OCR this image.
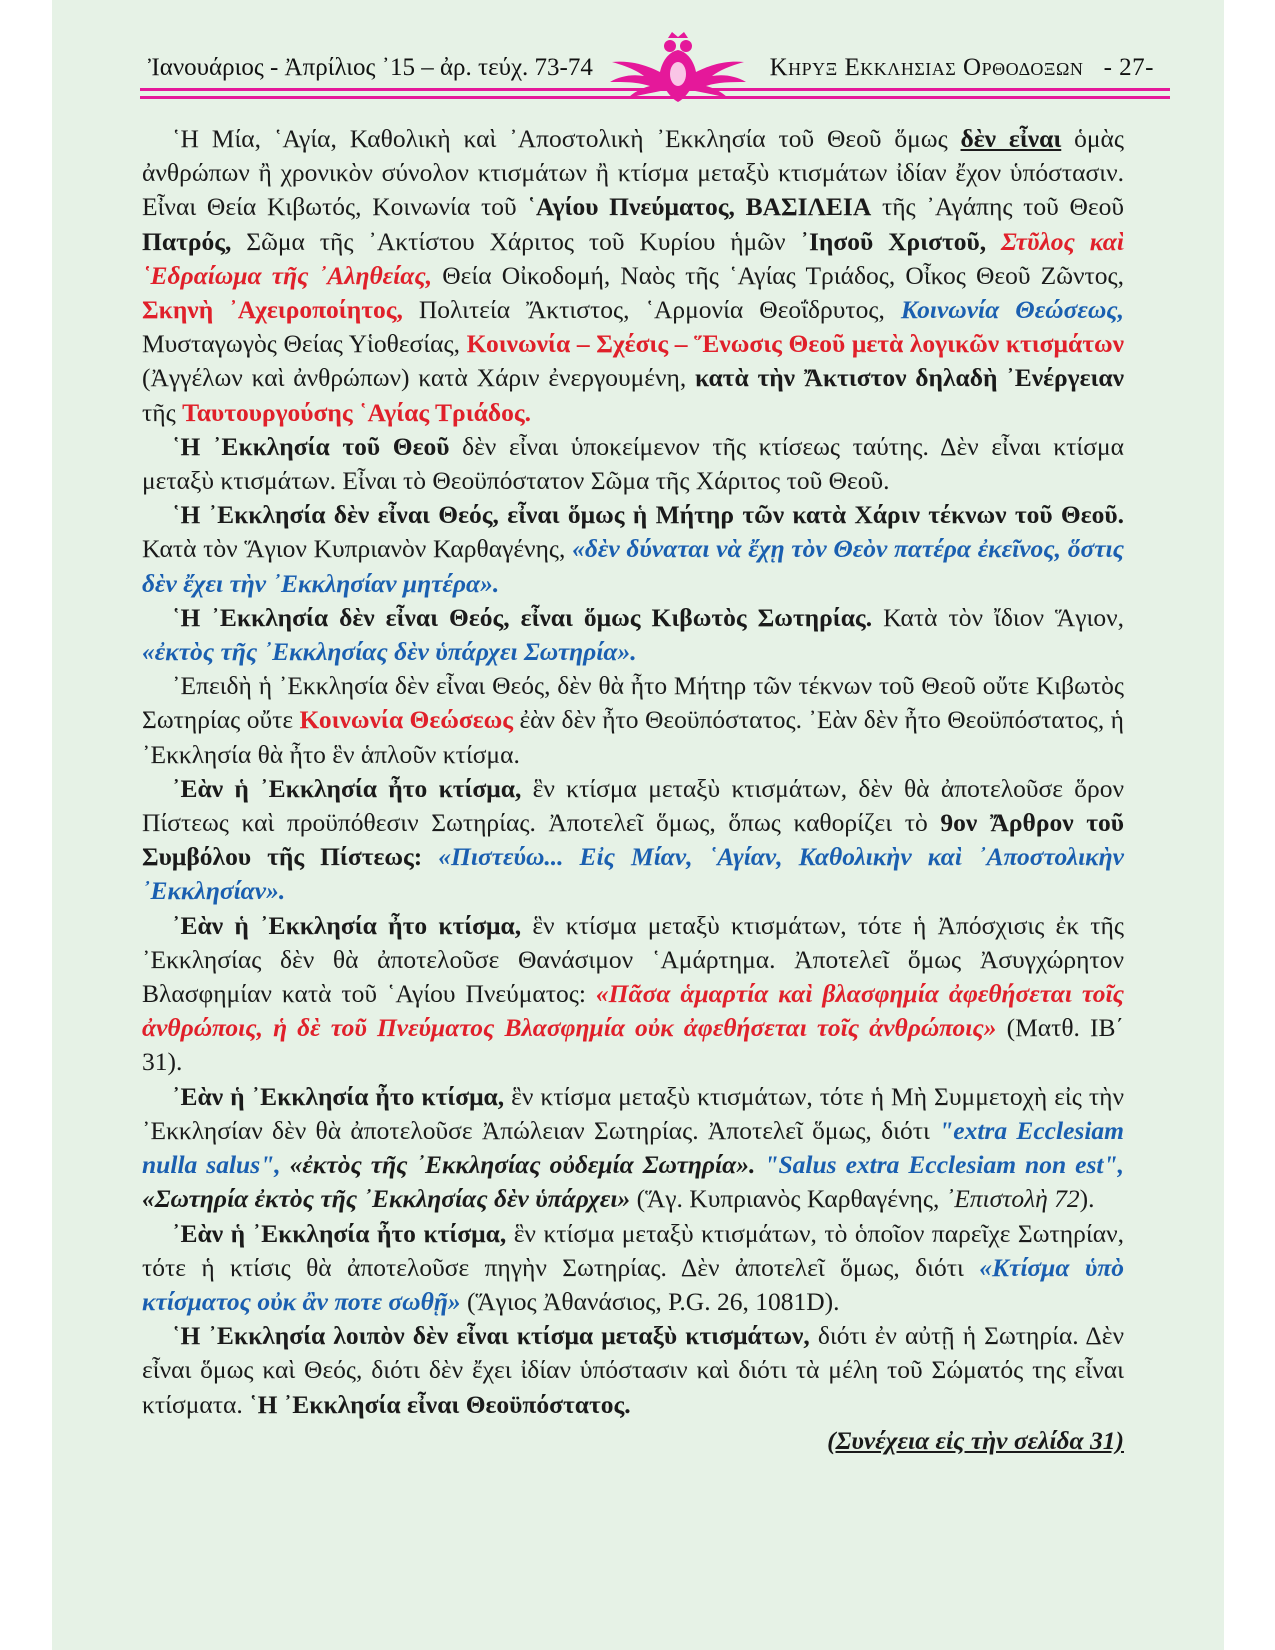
Ἰανουάριος - Ἀπρίλιος ᾽15 – ἀρ. τεύχ. 73-74	Κηρυξ Εκκλησιας Ορθοδοξων - 27-

῾Η Μία, ῾Αγία, Καθολικὴ καὶ ᾿Αποστολικὴ ᾿Εκκλησία τοῦ Θεοῦ ὅμως δὲν εἶναι ὁμὰς ἀνθρώπων ἢ χρονικὸν σύνολον κτισμάτων ἢ κτίσμα μεταξὺ κτισμάτων ἰδίαν ἔχον ὑπόστασιν. Εἶναι Θεία Κιβωτός, Κοινωνία τοῦ ῾Αγίου Πνεύματος, ΒΑΣΙΛΕΙΑ τῆς ᾿Αγάπης τοῦ Θεοῦ Πατρός, Σῶμα τῆς ᾿Ακτίστου Χάριτος τοῦ Κυρίου ἡμῶν ᾿Ιησοῦ Χριστοῦ, Στῦλος καὶ ῾Εδραίωμα τῆς ᾿Αληθείας, Θεία Οἰκοδομή, Ναὸς τῆς ῾Αγίας Τριάδος, Οἶκος Θεοῦ Ζῶντος, Σκηνὴ ᾿Αχειροποίητος, Πολιτεία Ἄκτιστος, ῾Αρμονία Θεοΐδρυτος, Κοινωνία Θεώσεως, Μυσταγωγὸς Θείας Υἱοθεσίας, Κοινωνία – Σχέσις – Ἕνωσις Θεοῦ μετὰ λογικῶν κτισμάτων (Ἀγγέλων καὶ ἀνθρώπων) κατὰ Χάριν ἐνεργουμένη, κατὰ τὴν Ἄκτιστον δηλαδὴ ᾿Ενέργειαν τῆς Ταυτουργούσης ῾Αγίας Τριάδος.

῾Η ᾿Εκκλησία τοῦ Θεοῦ δὲν εἶναι ὑποκείμενον τῆς κτίσεως ταύτης. Δὲν εἶναι κτίσμα μεταξὺ κτισμάτων. Εἶναι τὸ Θεοϋπόστατον Σῶμα τῆς Χάριτος τοῦ Θεοῦ.

῾Η ᾿Εκκλησία δὲν εἶναι Θεός, εἶναι ὅμως ἡ Μήτηρ τῶν κατὰ Χάριν τέκνων τοῦ Θεοῦ. Κατὰ τὸν Ἅγιον Κυπριανὸν Καρθαγένης, «δὲν δύναται νὰ ἔχῃ τὸν Θεὸν πατέρα ἐκεῖνος, ὅστις δὲν ἔχει τὴν ᾿Εκκλησίαν μητέρα».

῾Η ᾿Εκκλησία δὲν εἶναι Θεός, εἶναι ὅμως Κιβωτὸς Σωτηρίας. Κατὰ τὸν ἴδιον Ἅγιον, «ἐκτὸς τῆς ᾿Εκκλησίας δὲν ὑπάρχει Σωτηρία».

᾿Επειδὴ ἡ ᾿Εκκλησία δὲν εἶναι Θεός, δὲν θὰ ἦτο Μήτηρ τῶν τέκνων τοῦ Θεοῦ οὔτε Κιβωτὸς Σωτηρίας οὔτε Κοινωνία Θεώσεως ἐὰν δὲν ἦτο Θεοϋπόστατος. ᾿Εὰν δὲν ἦτο Θεοϋπόστατος, ἡ ᾿Εκκλησία θὰ ἦτο ἓν ἁπλοῦν κτίσμα.

᾿Εὰν ἡ ᾿Εκκλησία ἦτο κτίσμα, ἓν κτίσμα μεταξὺ κτισμάτων, δὲν θὰ ἀποτελοῦσε ὅρον Πίστεως καὶ προϋπόθεσιν Σωτηρίας. Ἀποτελεῖ ὅμως, ὅπως καθορίζει τὸ 9ον Ἄρθρον τοῦ Συμβόλου τῆς Πίστεως: «Πιστεύω... Εἰς Μίαν, ῾Αγίαν, Καθολικὴν καὶ ᾿Αποστολικὴν ᾿Εκκλησίαν».

᾿Εὰν ἡ ᾿Εκκλησία ἦτο κτίσμα, ἓν κτίσμα μεταξὺ κτισμάτων, τότε ἡ Ἀπόσχισις ἐκ τῆς ᾿Εκκλησίας δὲν θὰ ἀποτελοῦσε Θανάσιμον ῾Αμάρτημα. Ἀποτελεῖ ὅμως Ἀσυγχώρητον Βλασφημίαν κατὰ τοῦ ῾Αγίου Πνεύματος: «Πᾶσα ἁμαρτία καὶ βλασφημία ἀφεθήσεται τοῖς ἀνθρώποις, ἡ δὲ τοῦ Πνεύματος Βλασφημία οὐκ ἀφεθήσεται τοῖς ἀνθρώποις» (Ματθ. ΙΒ΄ 31).

᾿Εὰν ἡ ᾿Εκκλησία ἦτο κτίσμα, ἓν κτίσμα μεταξὺ κτισμάτων, τότε ἡ Μὴ Συμμετοχὴ εἰς τὴν ᾿Εκκλησίαν δὲν θὰ ἀποτελοῦσε Ἀπώλειαν Σωτηρίας. Ἀποτελεῖ ὅμως, διότι "extra Ecclesiam nulla salus", «ἐκτὸς τῆς ᾿Εκκλησίας οὐδεμία Σωτηρία». "Salus extra Ecclesiam non est", «Σωτηρία ἐκτὸς τῆς ᾿Εκκλησίας δὲν ὑπάρχει» (Ἅγ. Κυπριανὸς Καρθαγένης, ᾿Επιστολὴ 72).

᾿Εὰν ἡ ᾿Εκκλησία ἦτο κτίσμα, ἓν κτίσμα μεταξὺ κτισμάτων, τὸ ὁποῖον παρεῖχε Σωτηρίαν, τότε ἡ κτίσις θὰ ἀποτελοῦσε πηγὴν Σωτηρίας. Δὲν ἀποτελεῖ ὅμως, διότι «Κτίσμα ὑπὸ κτίσματος οὐκ ἂν ποτε σωθῇ» (Ἅγιος Ἀθανάσιος, P.G. 26, 1081D).

῾Η ᾿Εκκλησία λοιπὸν δὲν εἶναι κτίσμα μεταξὺ κτισμάτων, διότι ἐν αὐτῇ ἡ Σωτηρία. Δὲν εἶναι ὅμως καὶ Θεός, διότι δὲν ἔχει ἰδίαν ὑπόστασιν καὶ διότι τὰ μέλη τοῦ Σώματός της εἶναι κτίσματα. ῾Η ᾿Εκκλησία εἶναι Θεοϋπόστατος.

(Συνέχεια εἰς τὴν σελίδα 31)
